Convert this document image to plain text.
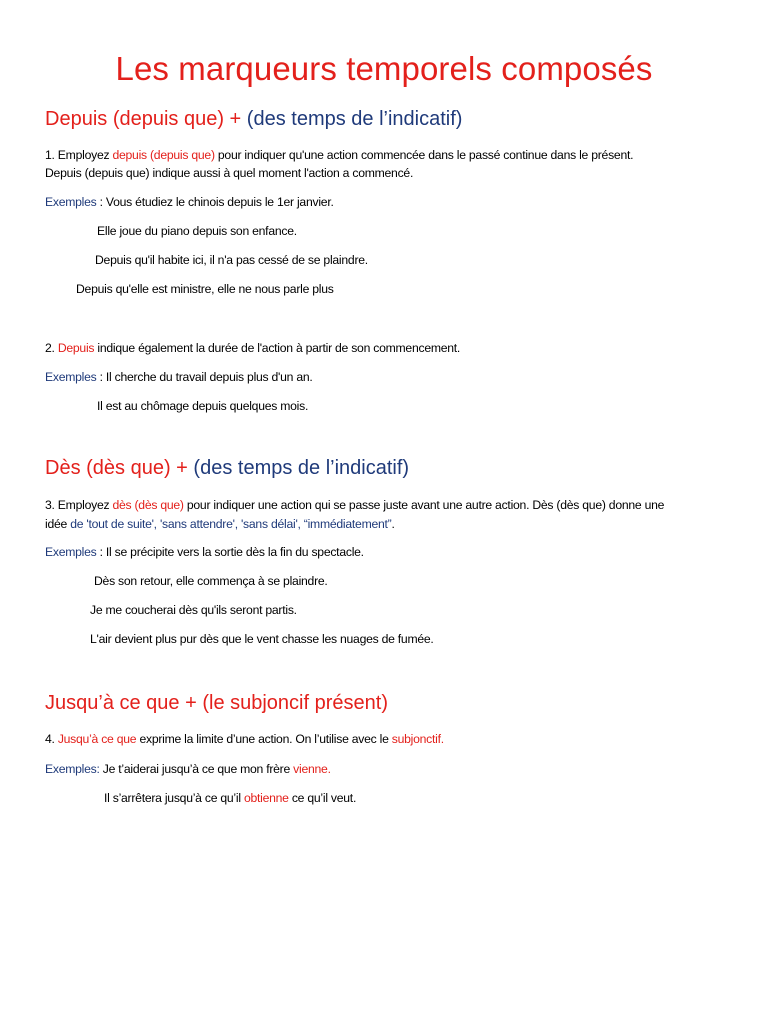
Les marqueurs temporels composés
Depuis (depuis que) + (des temps de l’indicatif)
1. Employez depuis (depuis que) pour indiquer qu'une action commencée dans le passé continue dans le présent.
Depuis (depuis que) indique aussi à quel moment l'action a commencé.
Exemples : Vous étudiez le chinois depuis le 1er janvier.
Elle joue du piano depuis son enfance.
Depuis qu'il habite ici, il n'a pas cessé de se plaindre.
Depuis qu'elle est ministre, elle ne nous parle plus
2. Depuis indique également la durée de l'action à partir de son commencement.
Exemples : Il cherche du travail depuis plus d'un an.
Il est au chômage depuis quelques mois.
Dès (dès que) + (des temps de l’indicatif)
3. Employez dès (dès que) pour indiquer une action qui se passe juste avant une autre action. Dès (dès que) donne une
idée de 'tout de suite', 'sans attendre', 'sans délai', “immédiatement”.
Exemples : Il se précipite vers la sortie dès la fin du spectacle.
Dès son retour, elle commença à se plaindre.
Je me coucherai dès qu'ils seront partis.
L'air devient plus pur dès que le vent chasse les nuages de fumée.
Jusqu’à ce que + (le subjoncif présent)
4. Jusqu’à ce que exprime la limite d’une action. On l’utilise avec le subjonctif.
Exemples: Je t’aiderai jusqu’à ce que mon frère vienne.
Il s’arrêtera jusqu’à ce qu’il obtienne ce qu’il veut.
